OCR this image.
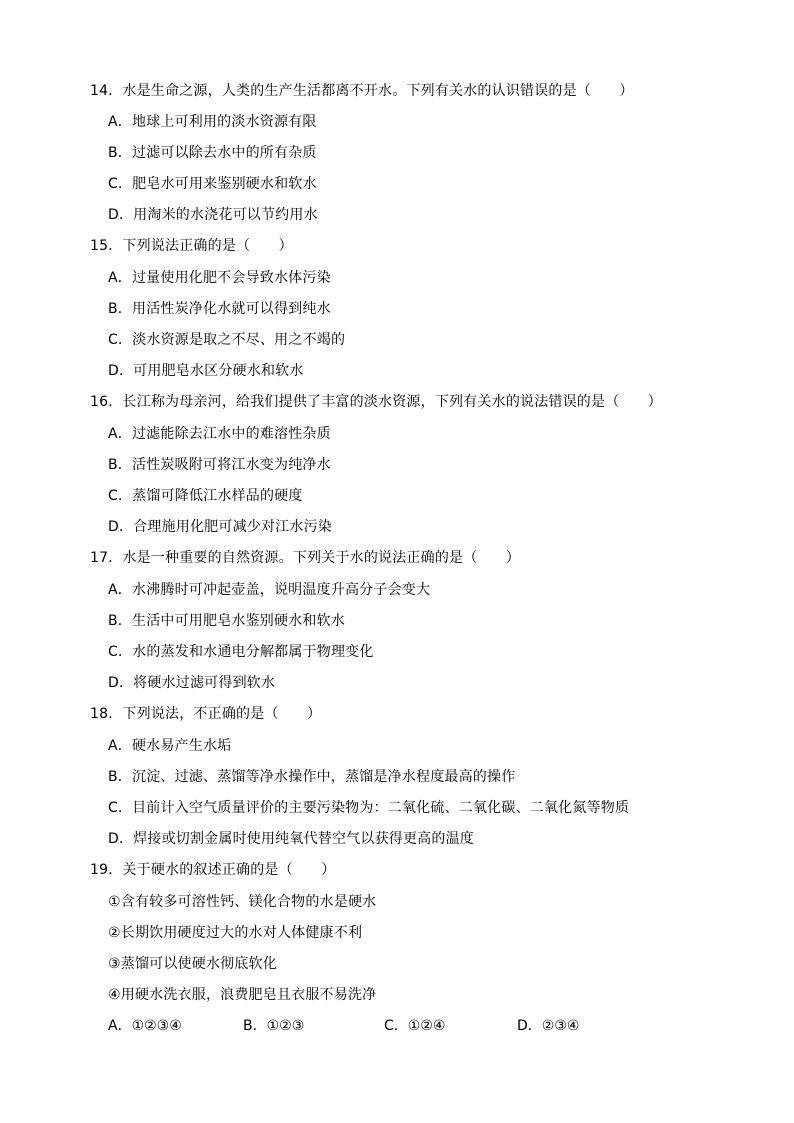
14．水是生命之源，人类的生产生活都离不开水。下列有关水的认识错误的是（　　）
A．地球上可利用的淡水资源有限
B．过滤可以除去水中的所有杂质
C．肥皂水可用来鉴别硬水和软水
D．用淘米的水浇花可以节约用水
15．下列说法正确的是（　　）
A．过量使用化肥不会导致水体污染
B．用活性炭净化水就可以得到纯水
C．淡水资源是取之不尽、用之不竭的
D．可用肥皂水区分硬水和软水
16．长江称为母亲河，给我们提供了丰富的淡水资源，下列有关水的说法错误的是（　　）
A．过滤能除去江水中的难溶性杂质
B．活性炭吸附可将江水变为纯净水
C．蒸馏可降低江水样品的硬度
D．合理施用化肥可减少对江水污染
17．水是一种重要的自然资源。下列关于水的说法正确的是（　　）
A．水沸腾时可冲起壶盖，说明温度升高分子会变大
B．生活中可用肥皂水鉴别硬水和软水
C．水的蒸发和水通电分解都属于物理变化
D．将硬水过滤可得到软水
18．下列说法，不正确的是（　　）
A．硬水易产生水垢
B．沉淀、过滤、蒸馏等净水操作中，蒸馏是净水程度最高的操作
C．目前计入空气质量评价的主要污染物为：二氧化硫、二氧化碳、二氧化氮等物质
D．焊接或切割金属时使用纯氧代替空气以获得更高的温度
19．关于硬水的叙述正确的是（　　）
①含有较多可溶性钙、镁化合物的水是硬水
②长期饮用硬度过大的水对人体健康不利
③蒸馏可以使硬水彻底软化
④用硬水洗衣服，浪费肥皂且衣服不易洗净
A．①②③④	B．①②③	C．①②④	D．②③④
